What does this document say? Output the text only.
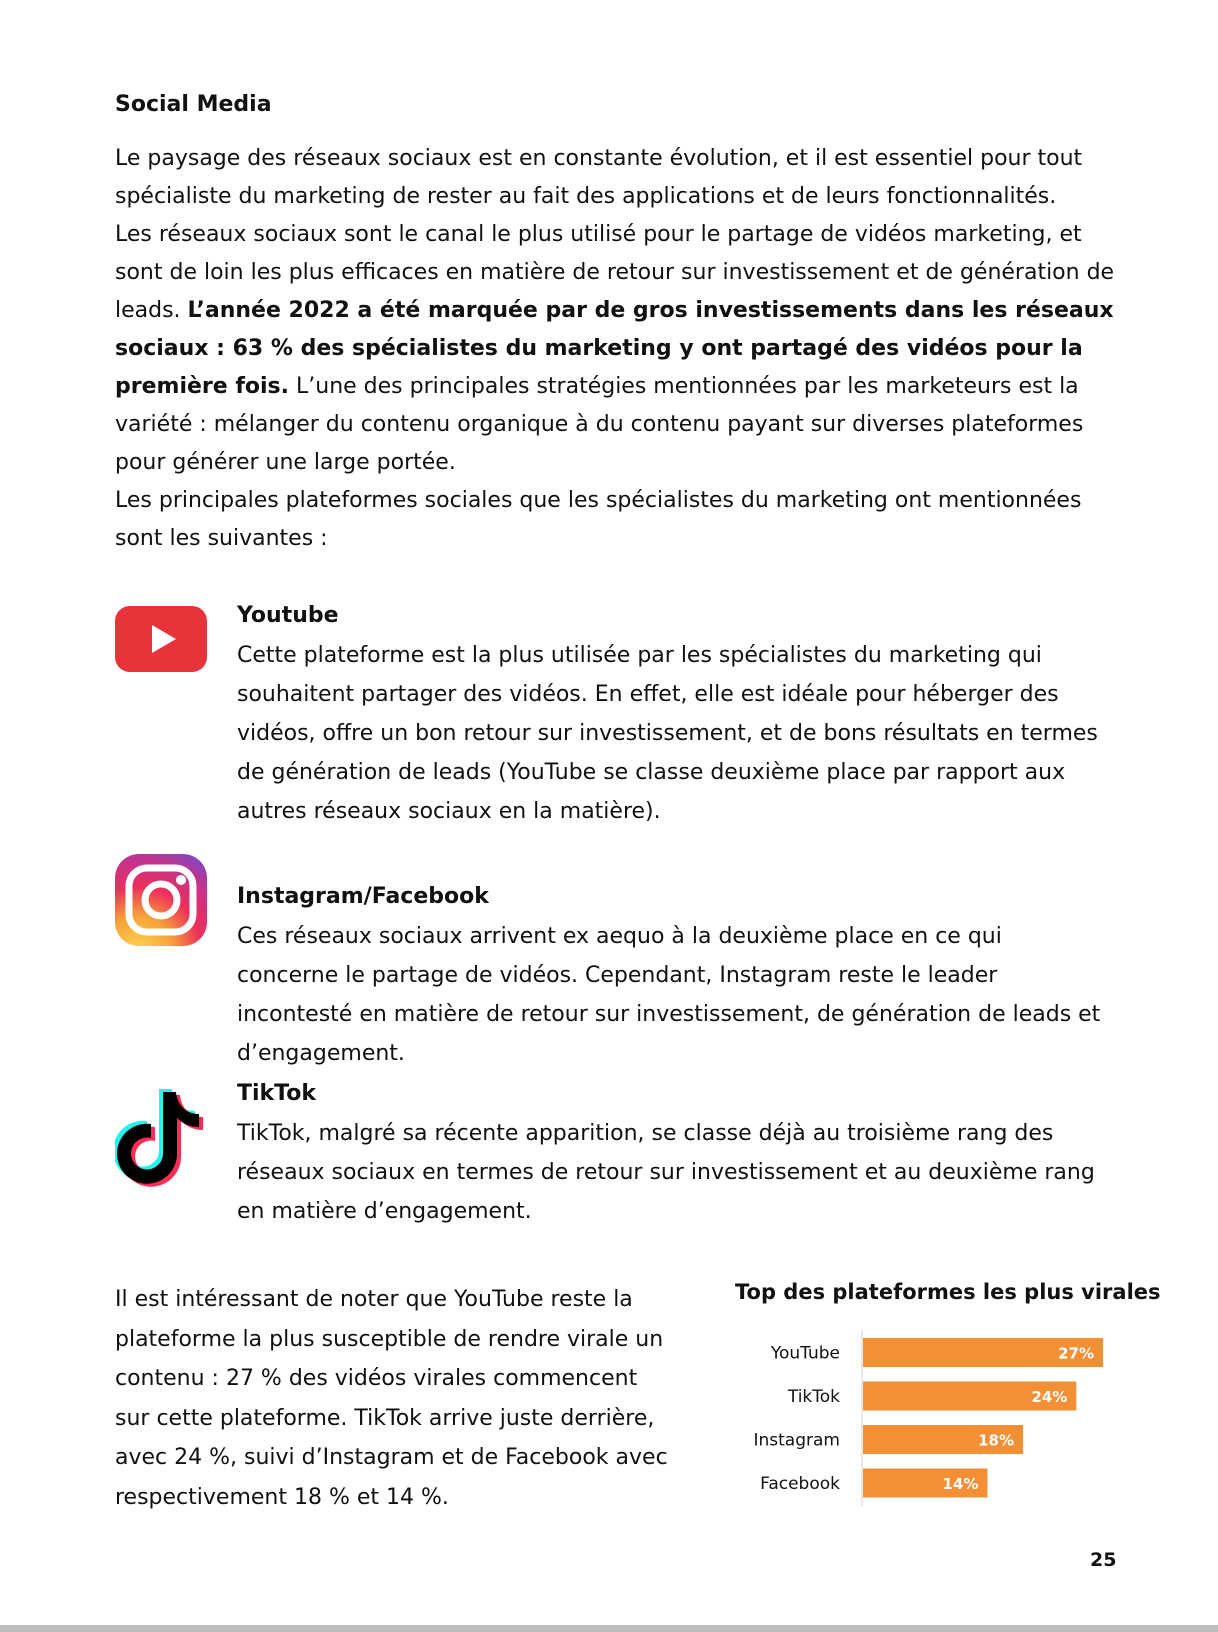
Social Media

Le paysage des réseaux sociaux est en constante évolution, et il est essentiel pour tout spécialiste du marketing de rester au fait des applications et de leurs fonctionnalités.

Les réseaux sociaux sont le canal le plus utilisé pour le partage de vidéos marketing, et sont de loin les plus efficaces en matière de retour sur investissement et de génération de leads. L’année 2022 a été marquée par de gros investissements dans les réseaux sociaux : 63 % des spécialistes du marketing y ont partagé des vidéos pour la première fois. L’une des principales stratégies mentionnées par les marketeurs est la variété : mélanger du contenu organique à du contenu payant sur diverses plateformes pour générer une large portée.

Les principales plateformes sociales que les spécialistes du marketing ont mentionnées sont les suivantes :

Youtube

Cette plateforme est la plus utilisée par les spécialistes du marketing qui souhaitent partager des vidéos. En effet, elle est idéale pour héberger des vidéos, offre un bon retour sur investissement, et de bons résultats en termes de génération de leads (YouTube se classe deuxième place par rapport aux autres réseaux sociaux en la matière).

Instagram/Facebook

Ces réseaux sociaux arrivent ex aequo à la deuxième place en ce qui concerne le partage de vidéos. Cependant, Instagram reste le leader incontesté en matière de retour sur investissement, de génération de leads et d’engagement.

TikTok

TikTok, malgré sa récente apparition, se classe déjà au troisième rang des réseaux sociaux en termes de retour sur investissement et au deuxième rang en matière d’engagement.

Il est intéressant de noter que YouTube reste la plateforme la plus susceptible de rendre virale un contenu : 27 % des vidéos virales commencent sur cette plateforme. TikTok arrive juste derrière, avec 24 %, suivi d’Instagram et de Facebook avec respectivement 18 % et 14 %.

Top des plateformes les plus virales
YouTube	27%
TikTok	24%
Instagram	18%
Facebook	14%
25
